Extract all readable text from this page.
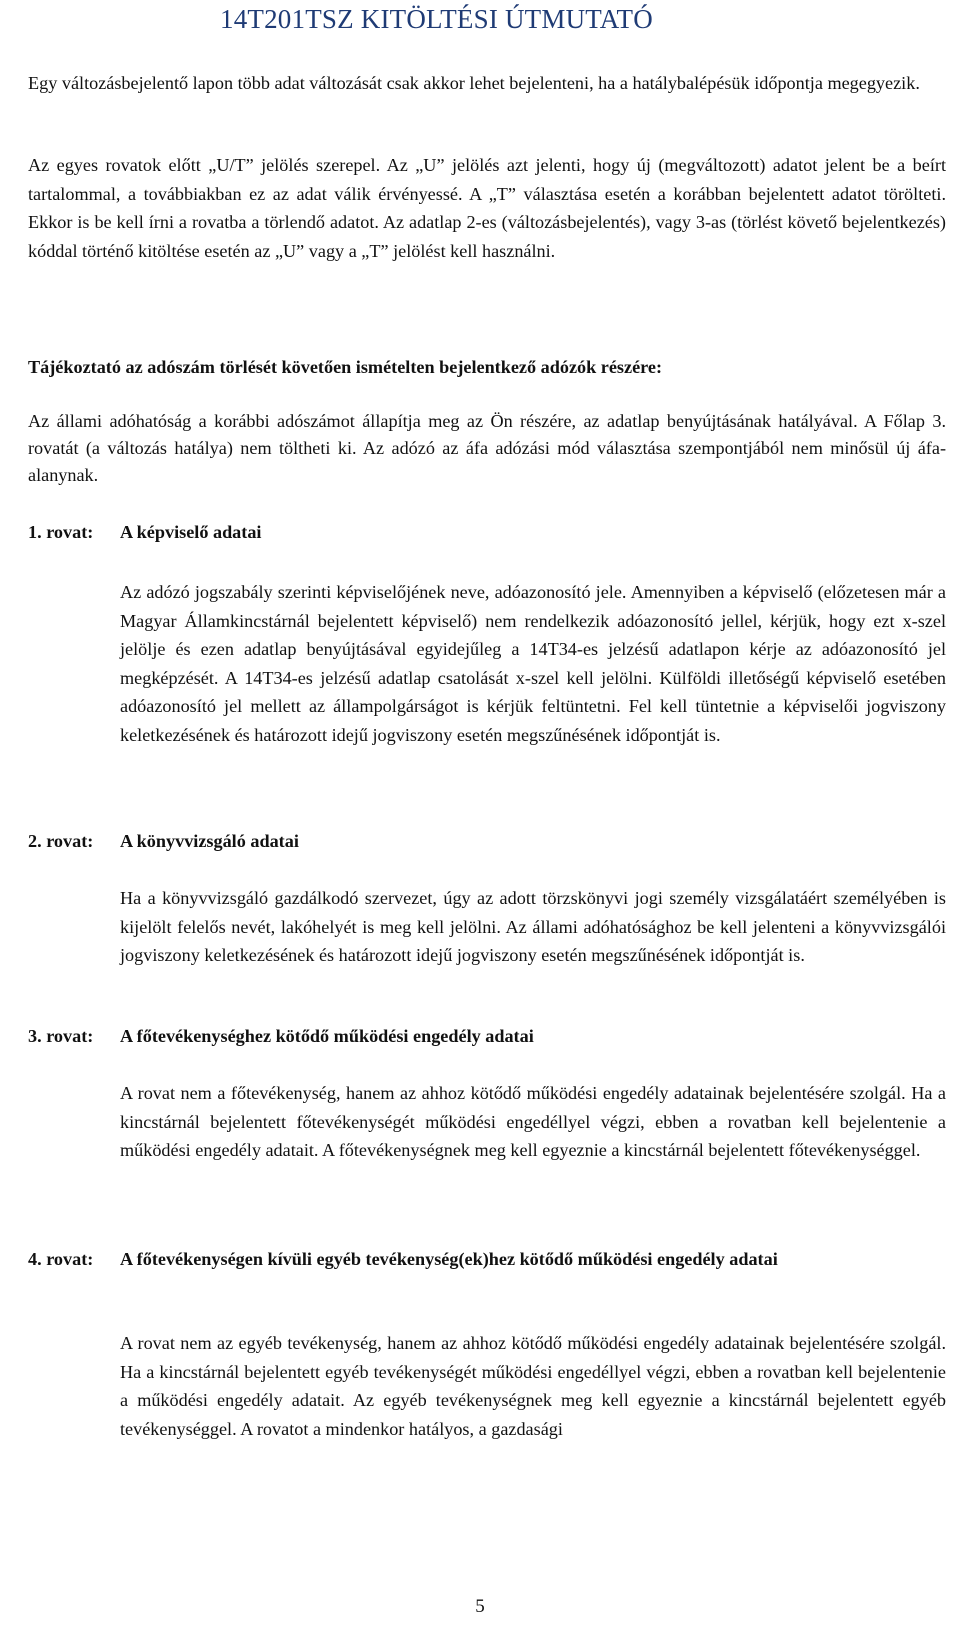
14T201TSZ KITÖLTÉSI ÚTMUTATÓ

Egy változásbejelentő lapon több adat változását csak akkor lehet bejelenteni, ha a hatálybalépésük időpontja megegyezik.

Az egyes rovatok előtt „U/T” jelölés szerepel. Az „U” jelölés azt jelenti, hogy új (megváltozott) adatot jelent be a beírt tartalommal, a továbbiakban ez az adat válik érvényessé. A „T” választása esetén a korábban bejelentett adatot törölteti. Ekkor is be kell írni a rovatba a törlendő adatot. Az adatlap 2-es (változásbejelentés), vagy 3-as (törlést követő bejelentkezés) kóddal történő kitöltése esetén az „U” vagy a „T” jelölést kell használni.

Tájékoztató az adószám törlését követően ismételten bejelentkező adózók részére:

Az állami adóhatóság a korábbi adószámot állapítja meg az Ön részére, az adatlap benyújtásának hatályával. A Főlap 3. rovatát (a változás hatálya) nem töltheti ki. Az adózó az áfa adózási mód választása szempontjából nem minősül új áfa-alanynak.

1. rovat: A képviselő adatai

Az adózó jogszabály szerinti képviselőjének neve, adóazonosító jele. Amennyiben a képviselő (előzetesen már a Magyar Államkincstárnál bejelentett képviselő) nem rendelkezik adóazonosító jellel, kérjük, hogy ezt x-szel jelölje és ezen adatlap benyújtásával egyidejűleg a 14T34-es jelzésű adatlapon kérje az adóazonosító jel megképzését. A 14T34-es jelzésű adatlap csatolását x-szel kell jelölni. Külföldi illetőségű képviselő esetében adóazonosító jel mellett az állampolgárságot is kérjük feltüntetni. Fel kell tüntetnie a képviselői jogviszony keletkezésének és határozott idejű jogviszony esetén megszűnésének időpontját is.

2. rovat: A könyvvizsgáló adatai

Ha a könyvvizsgáló gazdálkodó szervezet, úgy az adott törzskönyvi jogi személy vizsgálatáért személyében is kijelölt felelős nevét, lakóhelyét is meg kell jelölni. Az állami adóhatósághoz be kell jelenteni a könyvvizsgálói jogviszony keletkezésének és határozott idejű jogviszony esetén megszűnésének időpontját is.

3. rovat: A főtevékenységhez kötődő működési engedély adatai

A rovat nem a főtevékenység, hanem az ahhoz kötődő működési engedély adatainak bejelentésére szolgál. Ha a kincstárnál bejelentett főtevékenységét működési engedéllyel végzi, ebben a rovatban kell bejelentenie a működési engedély adatait. A főtevékenységnek meg kell egyeznie a kincstárnál bejelentett főtevékenységgel.

4. rovat: A főtevékenységen kívüli egyéb tevékenység(ek)hez kötődő működési engedély adatai

A rovat nem az egyéb tevékenység, hanem az ahhoz kötődő működési engedély adatainak bejelentésére szolgál. Ha a kincstárnál bejelentett egyéb tevékenységét működési engedéllyel végzi, ebben a rovatban kell bejelentenie a működési engedély adatait. Az egyéb tevékenységnek meg kell egyeznie a kincstárnál bejelentett egyéb tevékenységgel. A rovatot a mindenkor hatályos, a gazdasági

5
